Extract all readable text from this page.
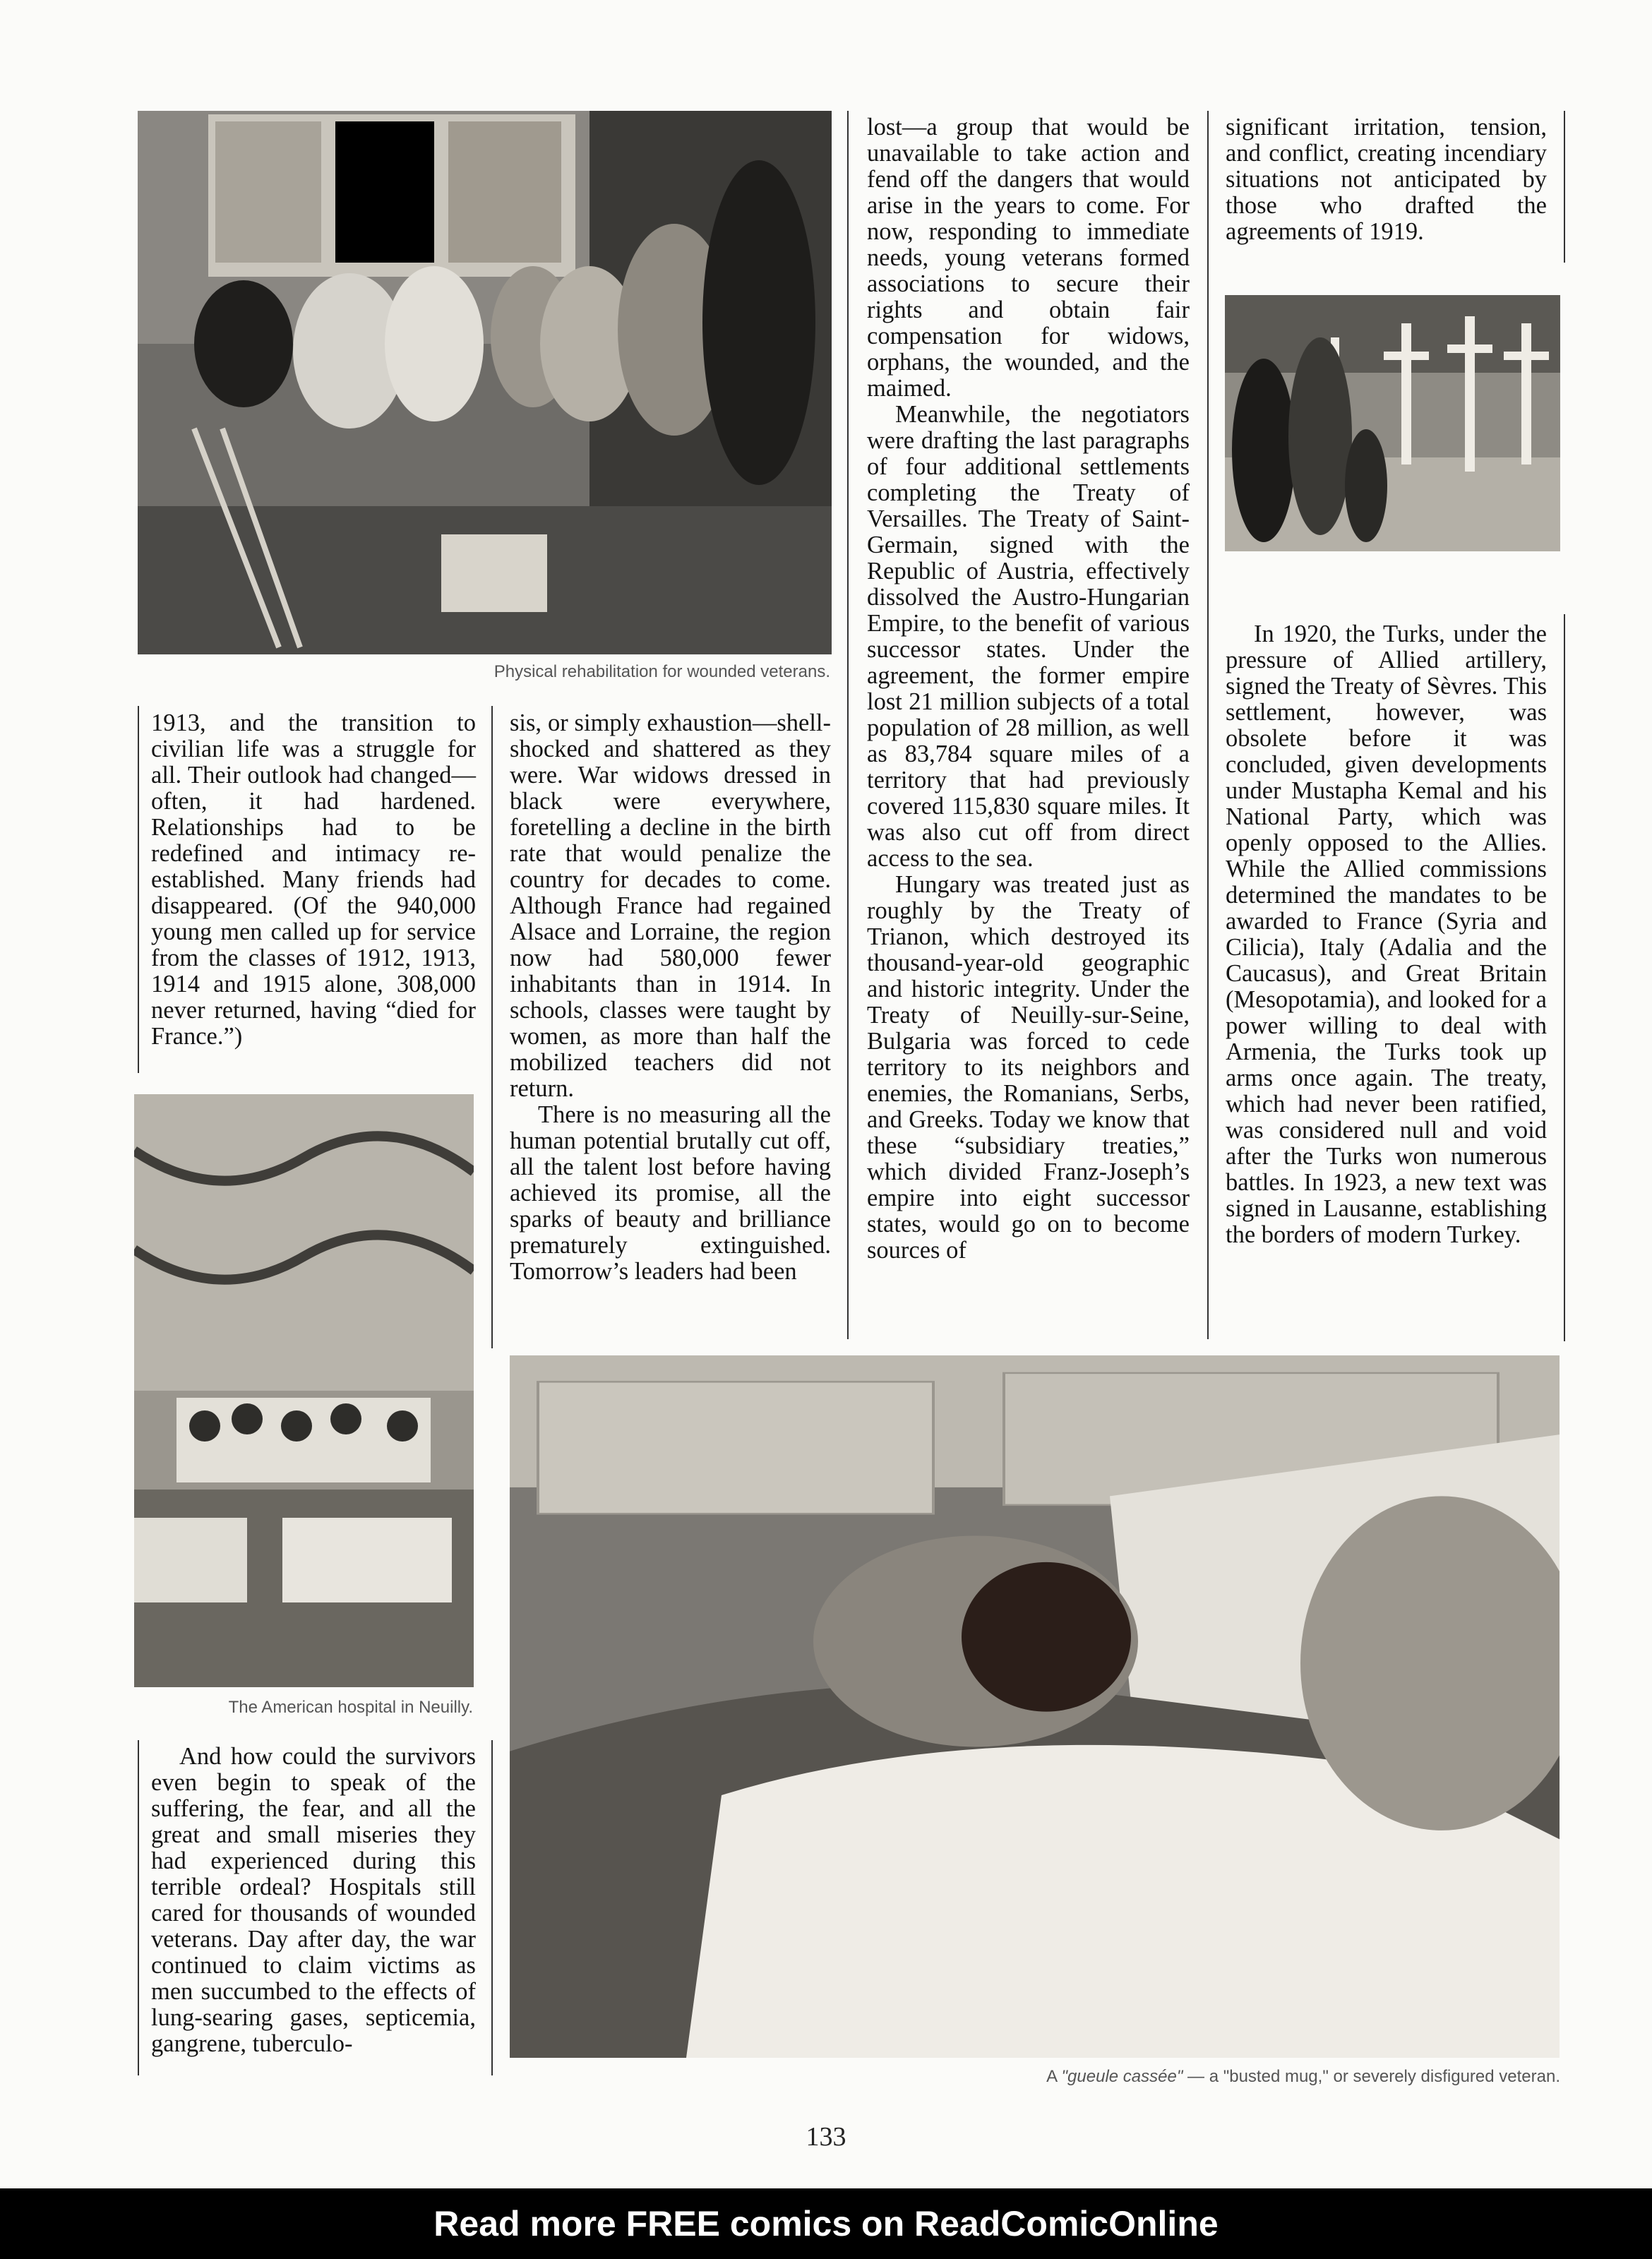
Physical rehabilitation for wounded veterans.

1913, and the transition to civilian life was a struggle for all. Their outlook had changed—often, it had hardened. Relationships had to be redefined and intimacy re-established. Many friends had disappeared. (Of the 940,000 young men called up for service from the classes of 1912, 1913, 1914 and 1915 alone, 308,000 never returned, having “died for France.”)

The American hospital in Neuilly.

And how could the survivors even begin to speak of the suffering, the fear, and all the great and small miseries they had experienced during this terrible ordeal? Hospitals still cared for thousands of wounded veterans. Day after day, the war continued to claim victims as men succumbed to the effects of lung-searing gases, septicemia, gangrene, tuberculo-

sis, or simply exhaustion—shell-shocked and shattered as they were. War widows dressed in black were everywhere, foretelling a decline in the birth rate that would penalize the country for decades to come. Although France had regained Alsace and Lorraine, the region now had 580,000 fewer inhabitants than in 1914. In schools, classes were taught by women, as more than half the mobilized teachers did not return.

There is no measuring all the human potential brutally cut off, all the talent lost before having achieved its promise, all the sparks of beauty and brilliance prematurely extinguished. Tomorrow’s leaders had been

lost—a group that would be unavailable to take action and fend off the dangers that would arise in the years to come. For now, responding to immediate needs, young veterans formed associations to secure their rights and obtain fair compensation for widows, orphans, the wounded, and the maimed.

Meanwhile, the negotiators were drafting the last paragraphs of four additional settlements completing the Treaty of Versailles. The Treaty of Saint-Germain, signed with the Republic of Austria, effectively dissolved the Austro-Hungarian Empire, to the benefit of various successor states. Under the agreement, the former empire lost 21 million subjects of a total population of 28 million, as well as 83,784 square miles of a territory that had previously covered 115,830 square miles. It was also cut off from direct access to the sea.

Hungary was treated just as roughly by the Treaty of Trianon, which destroyed its thousand-year-old geographic and historic integrity. Under the Treaty of Neuilly-sur-Seine, Bulgaria was forced to cede territory to its neighbors and enemies, the Romanians, Serbs, and Greeks. Today we know that these “subsidiary treaties,” which divided Franz-Joseph’s empire into eight successor states, would go on to become sources of

significant irritation, tension, and conflict, creating incendiary situations not anticipated by those who drafted the agreements of 1919.

In 1920, the Turks, under the pressure of Allied artillery, signed the Treaty of Sèvres. This settlement, however, was obsolete before it was concluded, given developments under Mustapha Kemal and his National Party, which was openly opposed to the Allies. While the Allied commissions determined the mandates to be awarded to France (Syria and Cilicia), Italy (Adalia and the Caucasus), and Great Britain (Mesopotamia), and looked for a power willing to deal with Armenia, the Turks took up arms once again. The treaty, which had never been ratified, was considered null and void after the Turks won numerous battles. In 1923, a new text was signed in Lausanne, establishing the borders of modern Turkey.

A "gueule cassée" — a "busted mug," or severely disfigured veteran.
133
Read more FREE comics on ReadComicOnline
